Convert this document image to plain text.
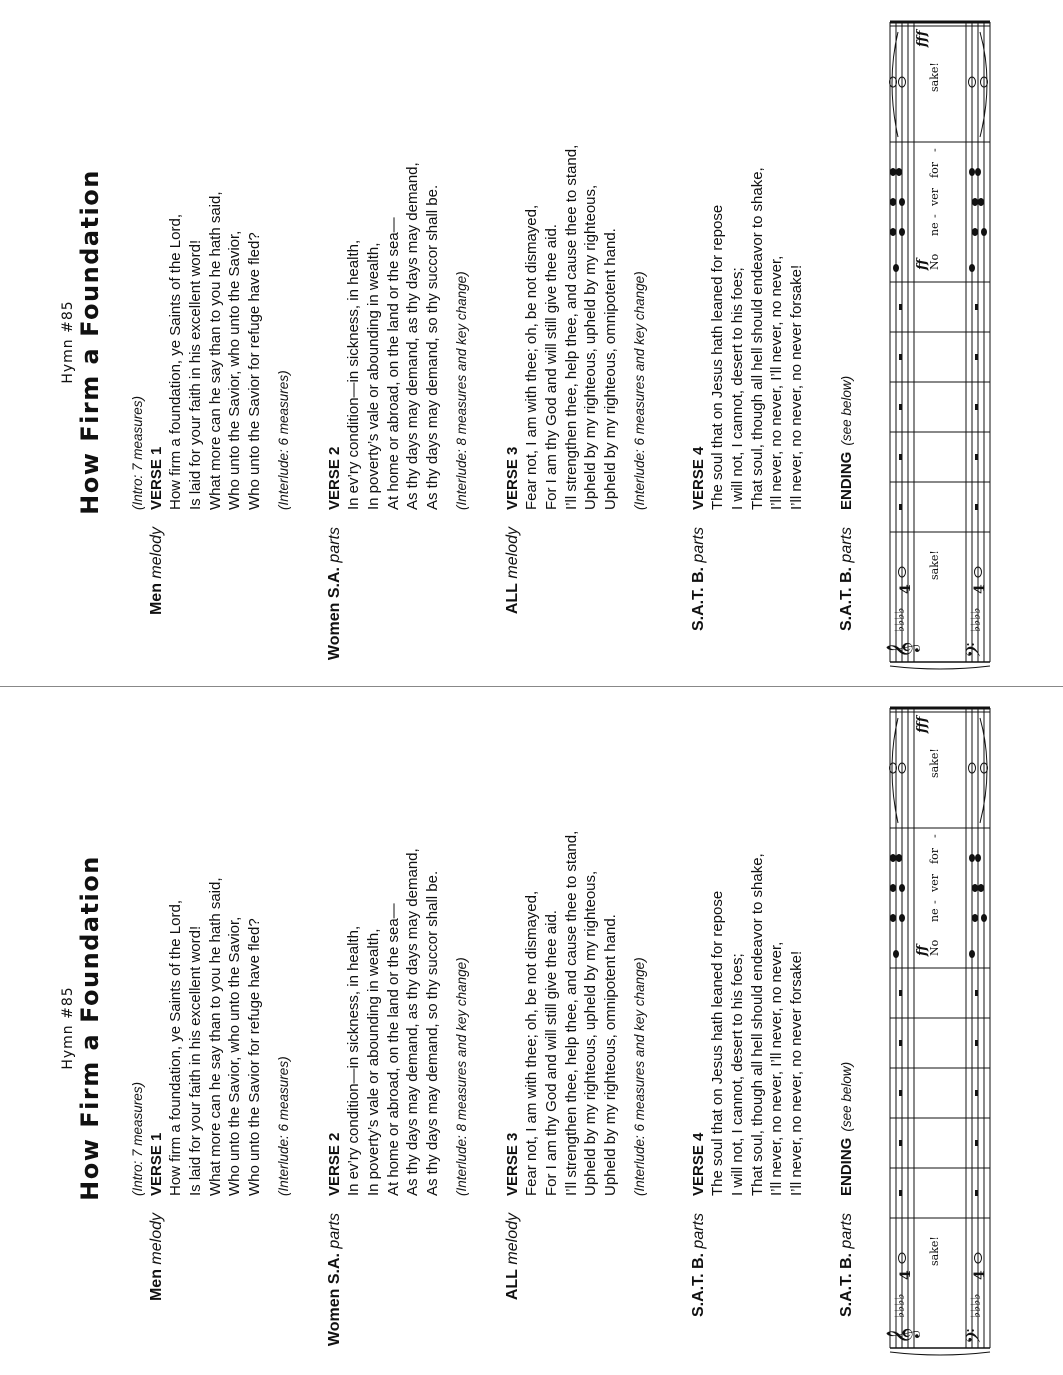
Hymn #85 How Firm a Foundation (Intro: 7 measures)
Men melody
VERSE 1 How firm a foundation, ye Saints of the Lord, Is laid for your faith in his excellent word! What more can he say than to you he hath said, Who unto the Savior, who unto the Savior, Who unto the Savior for refuge have fled? (Interlude: 6 measures)
Women S.A. parts
VERSE 2 In ev’ry condition—in sickness, in health, In poverty’s vale or abounding in wealth, At home or abroad, on the land or the sea— As thy days may demand, as thy days may demand, As thy days may demand, so thy succor shall be. (Interlude: 8 measures and key change)
ALL melody
VERSE 3 Fear not, I am with thee; oh, be not dismayed, For I am thy God and will still give thee aid. I’ll strengthen thee, help thee, and cause thee to stand, Upheld by my righteous, upheld by my righteous, Upheld by my righteous, omnipotent hand. (Interlude: 6 measures and key change)
S.A.T. B. parts
VERSE 4 The soul that on Jesus hath leaned for repose I will not, I cannot, desert to his foes; That soul, though all hell should endeavor to shake, I’ll never, no never, I’ll never, no never, I’ll never, no never, no never forsake!
S.A.T. B. parts
ENDING(see below)
𝄞 𝄢
♭♭♭♭	♭♭♭♭
4	4
sake!
No
ne
-
ver
for
-
sake!
ff
fff
Hymn #85 How Firm a Foundation (Intro: 7 measures)
Men melody
VERSE 1 How firm a foundation, ye Saints of the Lord, Is laid for your faith in his excellent word! What more can he say than to you he hath said, Who unto the Savior, who unto the Savior, Who unto the Savior for refuge have fled? (Interlude: 6 measures)
Women S.A. parts
VERSE 2 In ev’ry condition—in sickness, in health, In poverty’s vale or abounding in wealth, At home or abroad, on the land or the sea— As thy days may demand, as thy days may demand, As thy days may demand, so thy succor shall be. (Interlude: 8 measures and key change)
ALL melody
VERSE 3 Fear not, I am with thee; oh, be not dismayed, For I am thy God and will still give thee aid. I’ll strengthen thee, help thee, and cause thee to stand, Upheld by my righteous, upheld by my righteous, Upheld by my righteous, omnipotent hand. (Interlude: 6 measures and key change)
S.A.T. B. parts
VERSE 4 The soul that on Jesus hath leaned for repose I will not, I cannot, desert to his foes; That soul, though all hell should endeavor to shake, I’ll never, no never, I’ll never, no never, I’ll never, no never, no never forsake!
S.A.T. B. parts
ENDING(see below)
𝄞 𝄢
♭♭♭♭	♭♭♭♭
4	4
sake!
No
ne
-
ver
for
-
sake!
ff
fff
